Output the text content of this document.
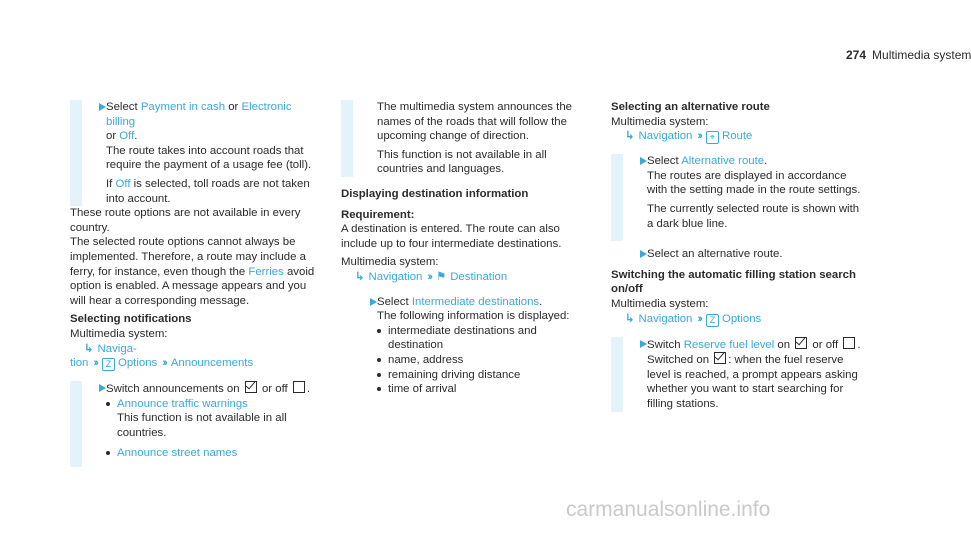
274 Multimedia system

Select Payment in cash or Electronic billing

or Off.

The route takes into account roads that require the payment of a usage fee (toll).

If Off is selected, toll roads are not taken into account.

These route options are not available in every country.

The selected route options cannot always be implemented. Therefore, a route may include a ferry, for instance, even though the Ferries avoid option is enabled. A message appears and you will hear a corresponding message.

Selecting notifications

Multimedia system:

↳ Naviga-

tion ›› Z Options ›› Announcements

Switch announcements on  or off .

Announce traffic warnings

This function is not available in all countries.

Announce street names

The multimedia system announces the names of the roads that will follow the upcoming change of direction.

This function is not available in all countries and languages.

Displaying destination information

Requirement:

A destination is entered. The route can also include up to four intermediate destinations.

Multimedia system:

↳ Navigation ›› ⚑ Destination

Select Intermediate destinations.

The following information is displayed:

intermediate destinations and destination
name, address
remaining driving distance
time of arrival

Selecting an alternative route

Multimedia system:

↳ Navigation ›› ⌖ Route

Select Alternative route.

The routes are displayed in accordance with the setting made in the route settings.

The currently selected route is shown with a dark blue line.

Select an alternative route.

Switching the automatic filling station search on/off

Multimedia system:

↳ Navigation ›› Z Options

Switch Reserve fuel level on  or off .

Switched on : when the fuel reserve level is reached, a prompt appears asking whether you want to start searching for filling stations.

carmanualsonline.info
